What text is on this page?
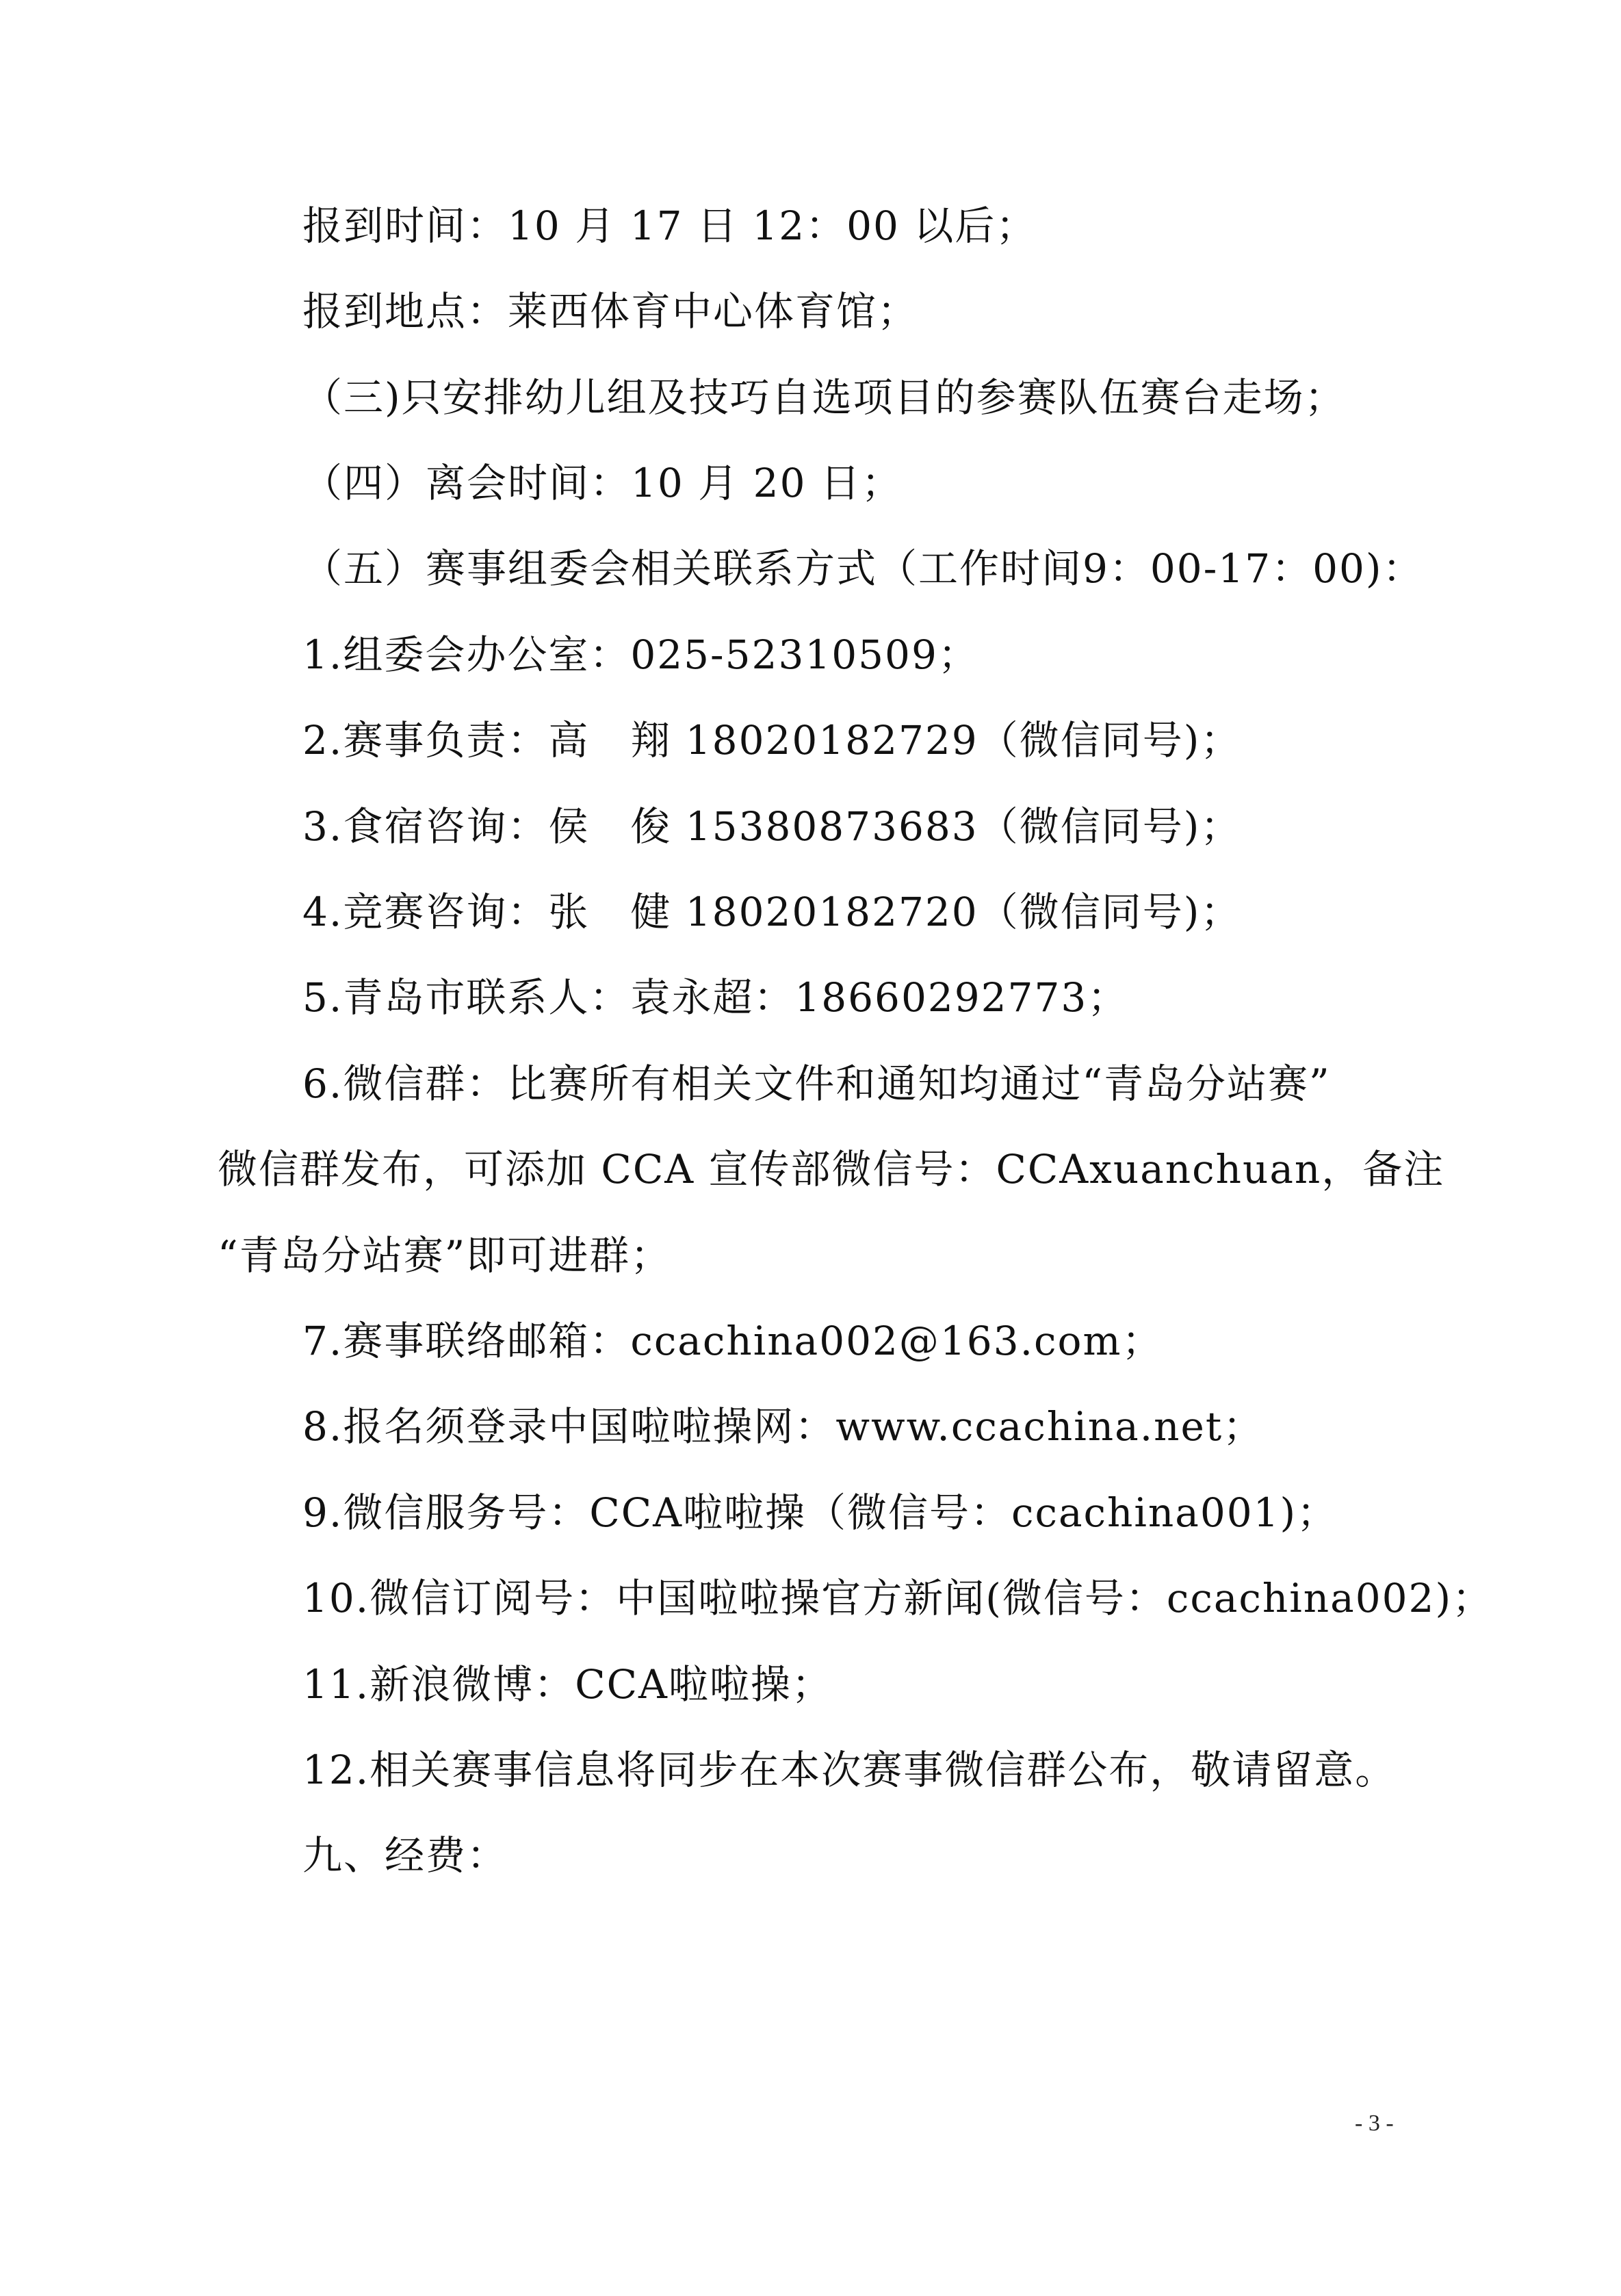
报到时间：10 月 17 日 12：00 以后；
报到地点：莱西体育中心体育馆；
（三)只安排幼儿组及技巧自选项目的参赛队伍赛台走场；
（四）离会时间：10 月 20 日；
（五）赛事组委会相关联系方式（工作时间9：00-17：00)：
1.组委会办公室：025-52310509；
2.赛事负责：高　翔 18020182729（微信同号)；
3.食宿咨询：侯　俊 15380873683（微信同号)；
4.竞赛咨询：张　健 18020182720（微信同号)；
5.青岛市联系人：袁永超：18660292773；
6.微信群：比赛所有相关文件和通知均通过“青岛分站赛”
微信群发布，可添加 CCA 宣传部微信号：CCAxuanchuan，备注
“青岛分站赛”即可进群；
7.赛事联络邮箱：ccachina002@163.com；
8.报名须登录中国啦啦操网：www.ccachina.net；
9.微信服务号：CCA啦啦操（微信号：ccachina001)；
10.微信订阅号：中国啦啦操官方新闻(微信号：ccachina002)；
11.新浪微博：CCA啦啦操；
12.相关赛事信息将同步在本次赛事微信群公布，敬请留意。
九、经费：
- 3 -
